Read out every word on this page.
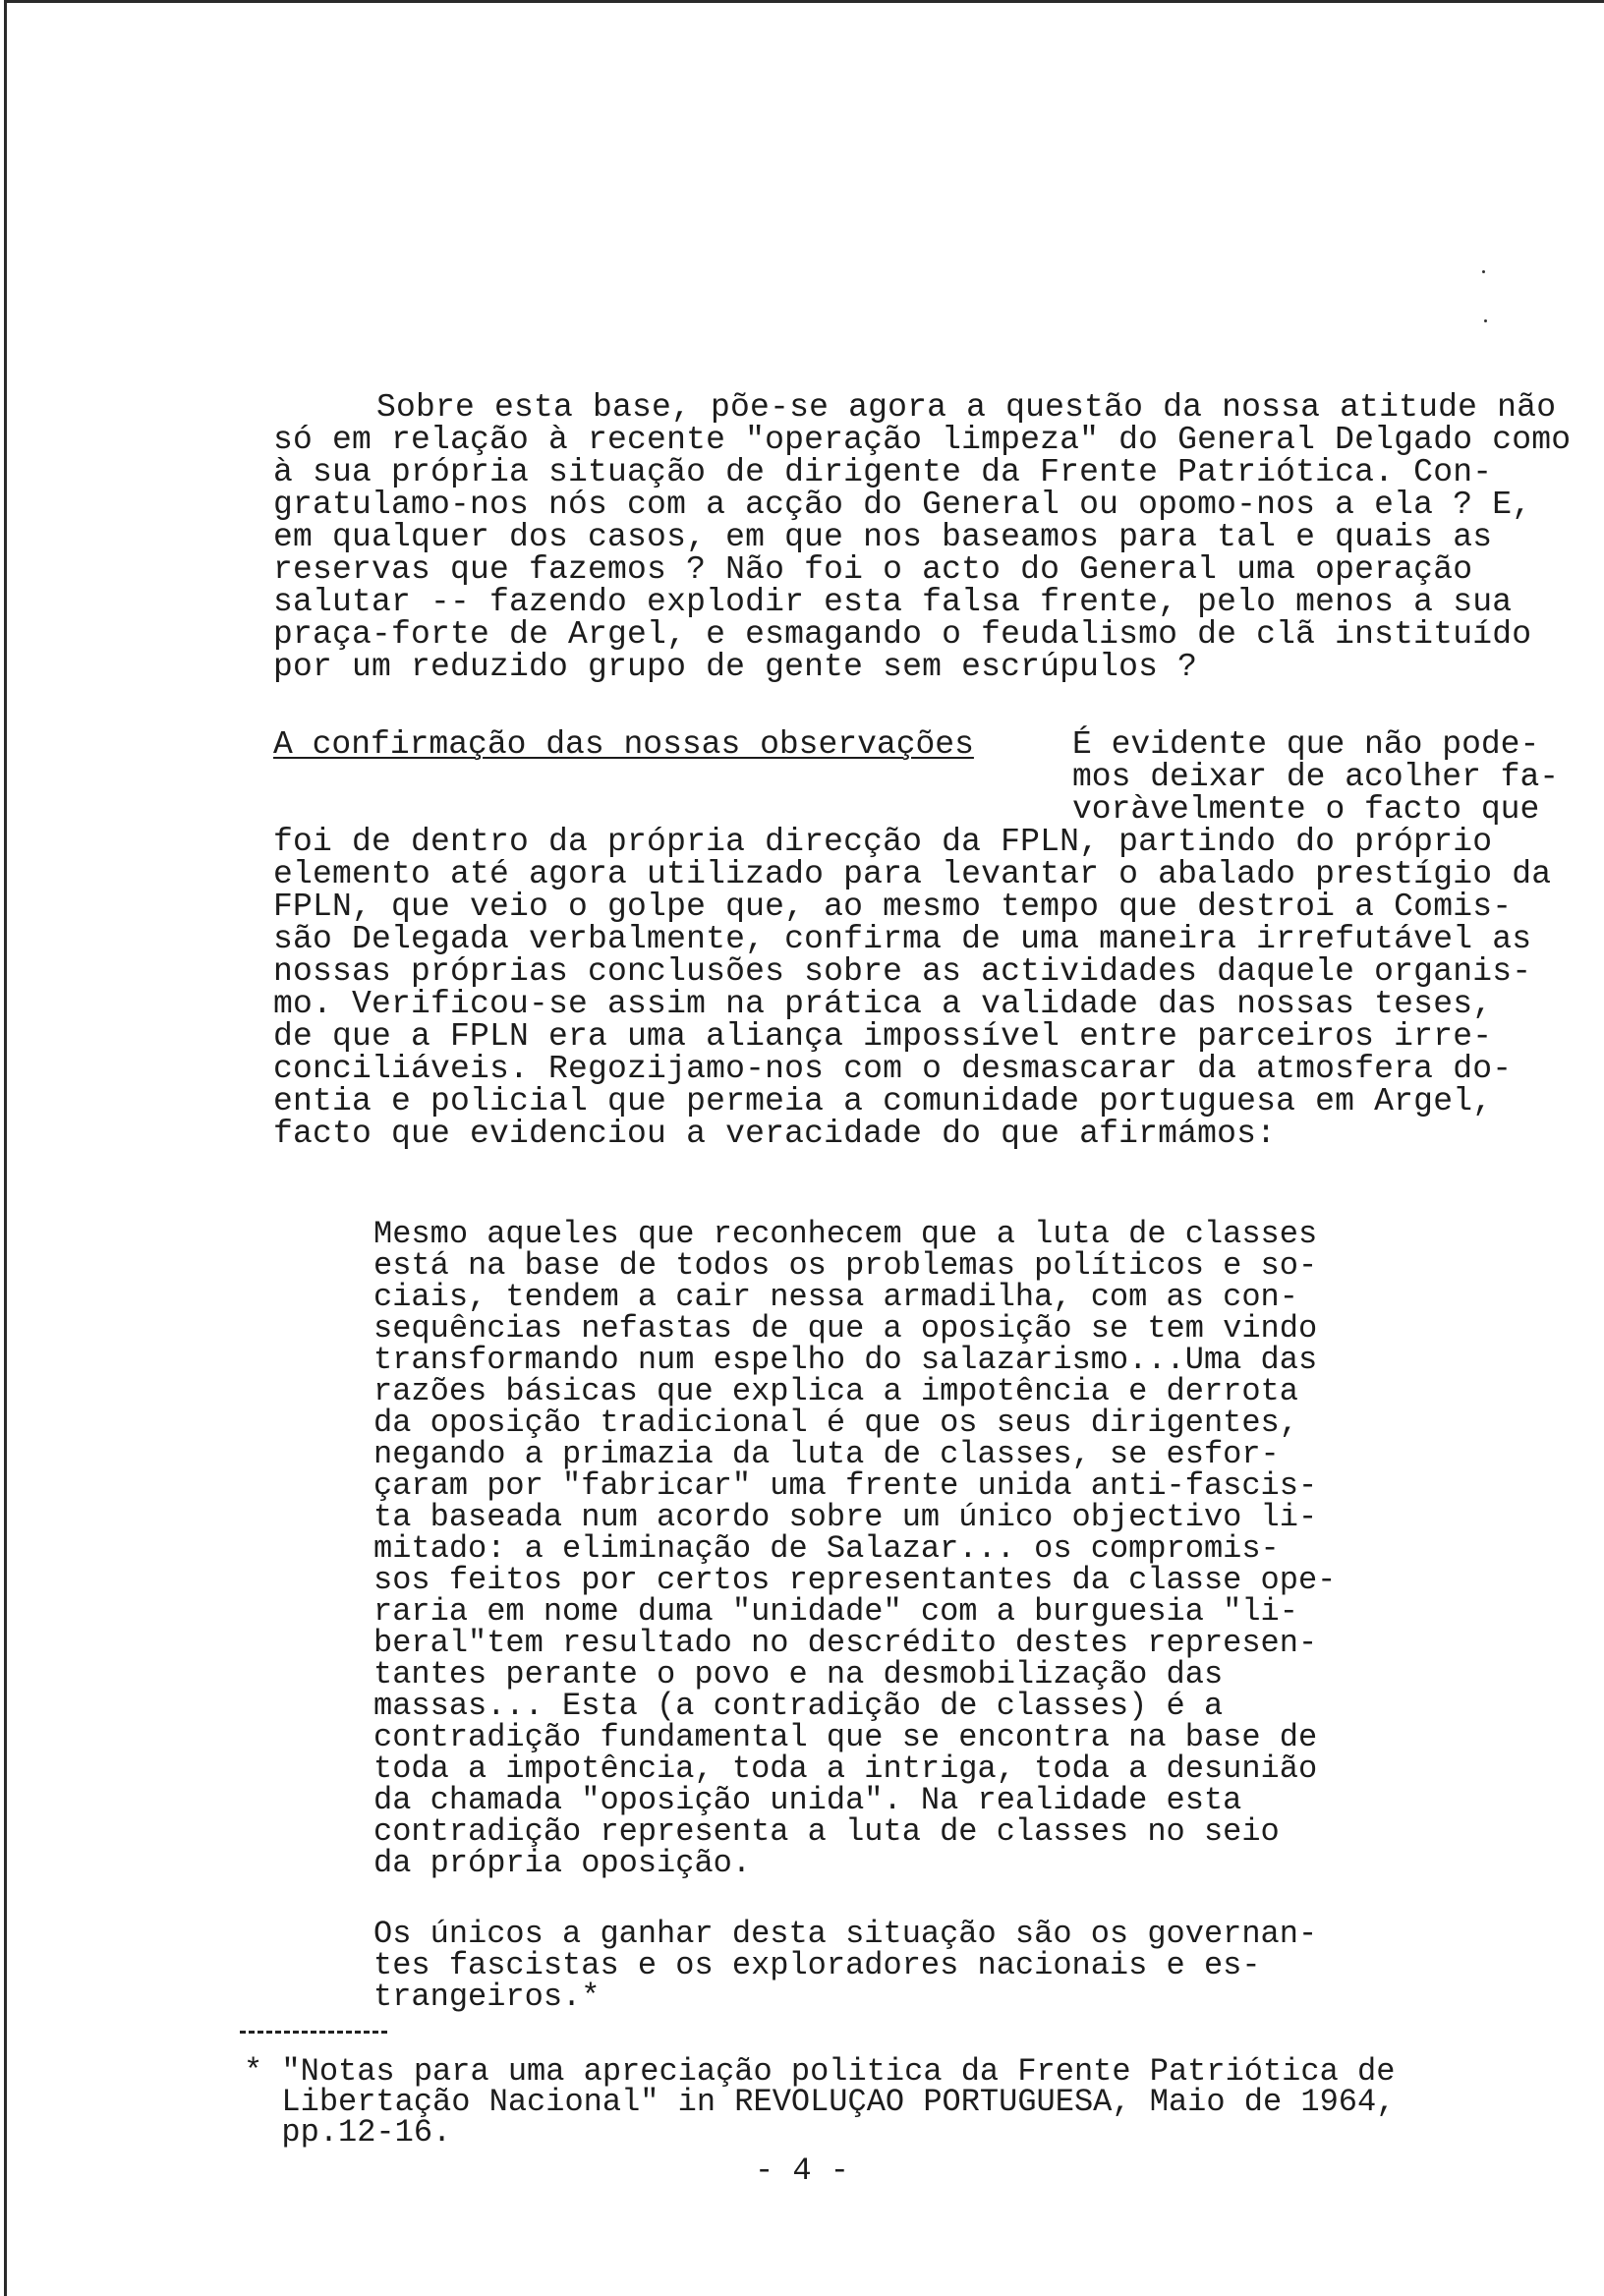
Sobre esta base, põe-se agora a questão da nossa atitude não
só em relação à recente "operação limpeza" do General Delgado como
à sua própria situação de dirigente da Frente Patriótica. Con-
gratulamo-nos nós com a acção do General ou opomo-nos a ela ? E,
em qualquer dos casos, em que nos baseamos para tal e quais as
reservas que fazemos ? Não foi o acto do General uma operação
salutar -- fazendo explodir esta falsa frente, pelo menos a sua
praça-forte de Argel, e esmagando o feudalismo de clã instituído
por um reduzido grupo de gente sem escrúpulos ?
A confirmação das nossas observações	É evidente que não pode-
mos deixar de acolher fa-
voràvelmente o facto que
foi de dentro da própria direcção da FPLN, partindo do próprio
elemento até agora utilizado para levantar o abalado prestígio da
FPLN, que veio o golpe que, ao mesmo tempo que destroi a Comis-
são Delegada verbalmente, confirma de uma maneira irrefutável as
nossas próprias conclusões sobre as actividades daquele organis-
mo. Verificou-se assim na prática a validade das nossas teses,
de que a FPLN era uma aliança impossível entre parceiros irre-
conciliáveis. Regozijamo-nos com o desmascarar da atmosfera do-
entia e policial que permeia a comunidade portuguesa em Argel,
facto que evidenciou a veracidade do que afirmámos:
Mesmo aqueles que reconhecem que a luta de classes
está na base de todos os problemas políticos e so-
ciais, tendem a cair nessa armadilha, com as con-
sequências nefastas de que a oposição se tem vindo
transformando num espelho do salazarismo...Uma das
razões básicas que explica a impotência e derrota
da oposição tradicional é que os seus dirigentes,
negando a primazia da luta de classes, se esfor-
çaram por "fabricar" uma frente unida anti-fascis-
ta baseada num acordo sobre um único objectivo li-
mitado: a eliminação de Salazar... os compromis-
sos feitos por certos representantes da classe ope-
raria em nome duma "unidade" com a burguesia "li-
beral"tem resultado no descrédito destes represen-
tantes perante o povo e na desmobilização das
massas... Esta (a contradição de classes) é a
contradição fundamental que se encontra na base de
toda a impotência, toda a intriga, toda a desunião
da chamada "oposição unida". Na realidade esta
contradição representa a luta de classes no seio
da própria oposição.
Os únicos a ganhar desta situação são os governan-
tes fascistas e os exploradores nacionais e es-
trangeiros.*
* "Notas para uma apreciação politica da Frente Patriótica de
Libertação Nacional" in REVOLUÇAO PORTUGUESA, Maio de 1964,
pp.12-16.
- 4 -
